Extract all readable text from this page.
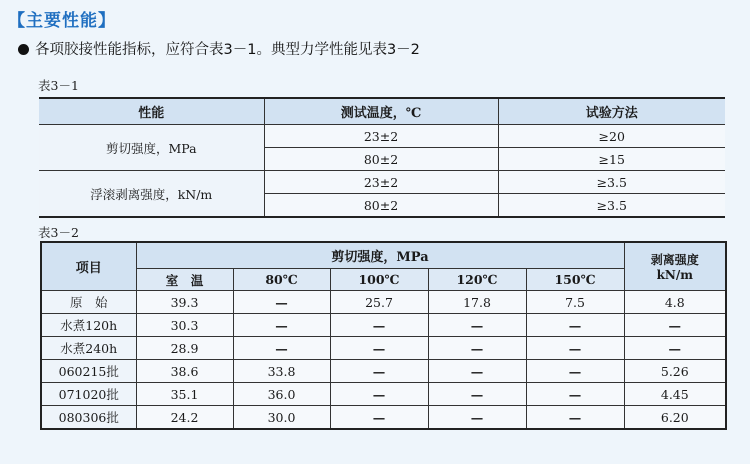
【主要性能】
各项胶接性能指标，应符合表3－1。典型力学性能见表3－2
表3－1
性能	测试温度，℃	试验方法
剪切强度，MPa	23±2	≥20
	80±2	≥15
浮滚剥离强度，kN/m	23±2	≥3.5
	80±2	≥3.5
表3－2
项目	剪切强度，MPa					剥离强度
kN/m

	室　温	80℃	100℃	120℃	150℃	
原　始	39.3	—	25.7	17.8	7.5	4.8
水煮120h	30.3	—	—	—	—	—
水煮240h	28.9	—	—	—	—	—
060215批	38.6	33.8	—	—	—	5.26
071020批	35.1	36.0	—	—	—	4.45
080306批	24.2	30.0	—	—	—	6.20
